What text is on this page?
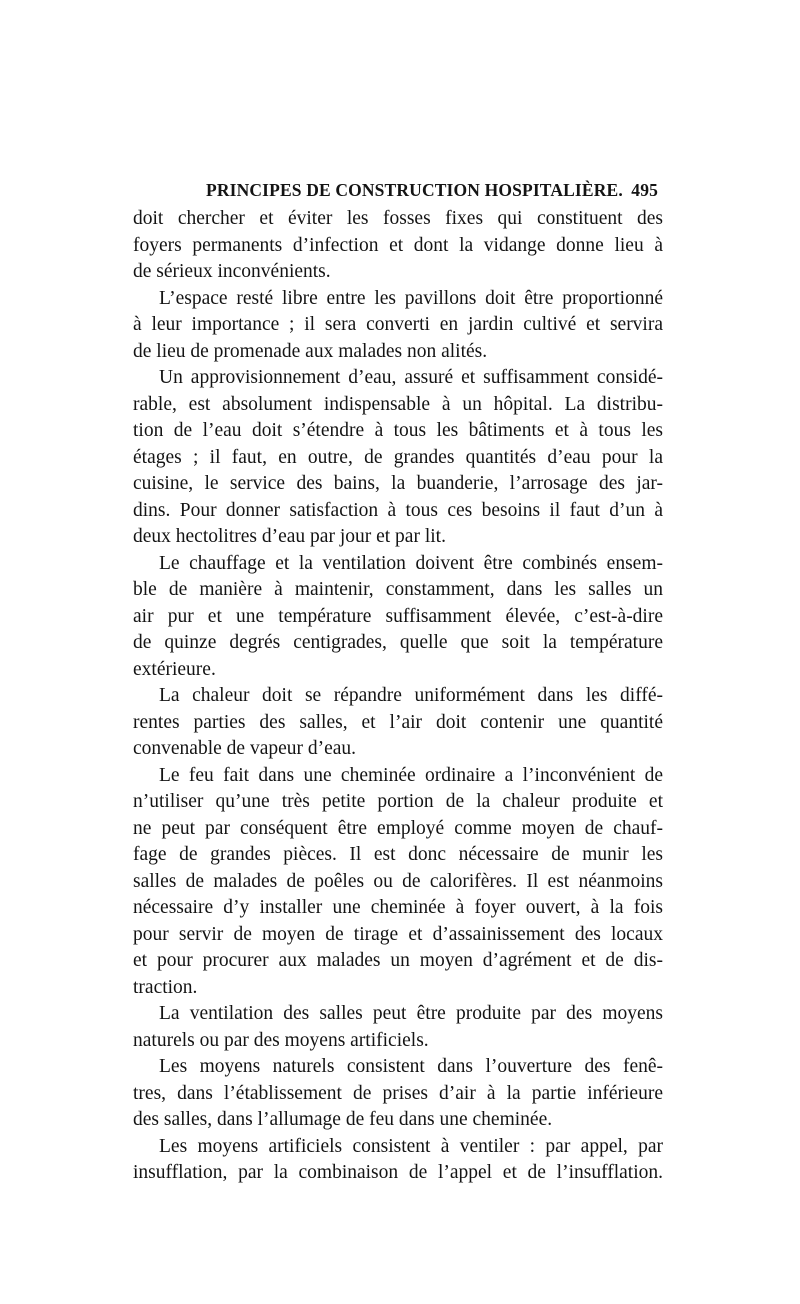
PRINCIPES DE CONSTRUCTION HOSPITALIÈRE. 495
doit chercher et éviter les fosses fixes qui constituent des
foyers permanents d’infection et dont la vidange donne lieu à
de sérieux inconvénients.
L’espace resté libre entre les pavillons doit être proportionné
à leur importance ; il sera converti en jardin cultivé et servira
de lieu de promenade aux malades non alités.
Un approvisionnement d’eau, assuré et suffisamment considé-
rable, est absolument indispensable à un hôpital. La distribu-
tion de l’eau doit s’étendre à tous les bâtiments et à tous les
étages ; il faut, en outre, de grandes quantités d’eau pour la
cuisine, le service des bains, la buanderie, l’arrosage des jar-
dins. Pour donner satisfaction à tous ces besoins il faut d’un à
deux hectolitres d’eau par jour et par lit.
Le chauffage et la ventilation doivent être combinés ensem-
ble de manière à maintenir, constamment, dans les salles un
air pur et une température suffisamment élevée, c’est-à-dire
de quinze degrés centigrades, quelle que soit la température
extérieure.
La chaleur doit se répandre uniformément dans les diffé-
rentes parties des salles, et l’air doit contenir une quantité
convenable de vapeur d’eau.
Le feu fait dans une cheminée ordinaire a l’inconvénient de
n’utiliser qu’une très petite portion de la chaleur produite et
ne peut par conséquent être employé comme moyen de chauf-
fage de grandes pièces. Il est donc nécessaire de munir les
salles de malades de poêles ou de calorifères. Il est néanmoins
nécessaire d’y installer une cheminée à foyer ouvert, à la fois
pour servir de moyen de tirage et d’assainissement des locaux
et pour procurer aux malades un moyen d’agrément et de dis-
traction.
La ventilation des salles peut être produite par des moyens
naturels ou par des moyens artificiels.
Les moyens naturels consistent dans l’ouverture des fenê-
tres, dans l’établissement de prises d’air à la partie inférieure
des salles, dans l’allumage de feu dans une cheminée.
Les moyens artificiels consistent à ventiler : par appel, par
insufflation, par la combinaison de l’appel et de l’insufflation.
